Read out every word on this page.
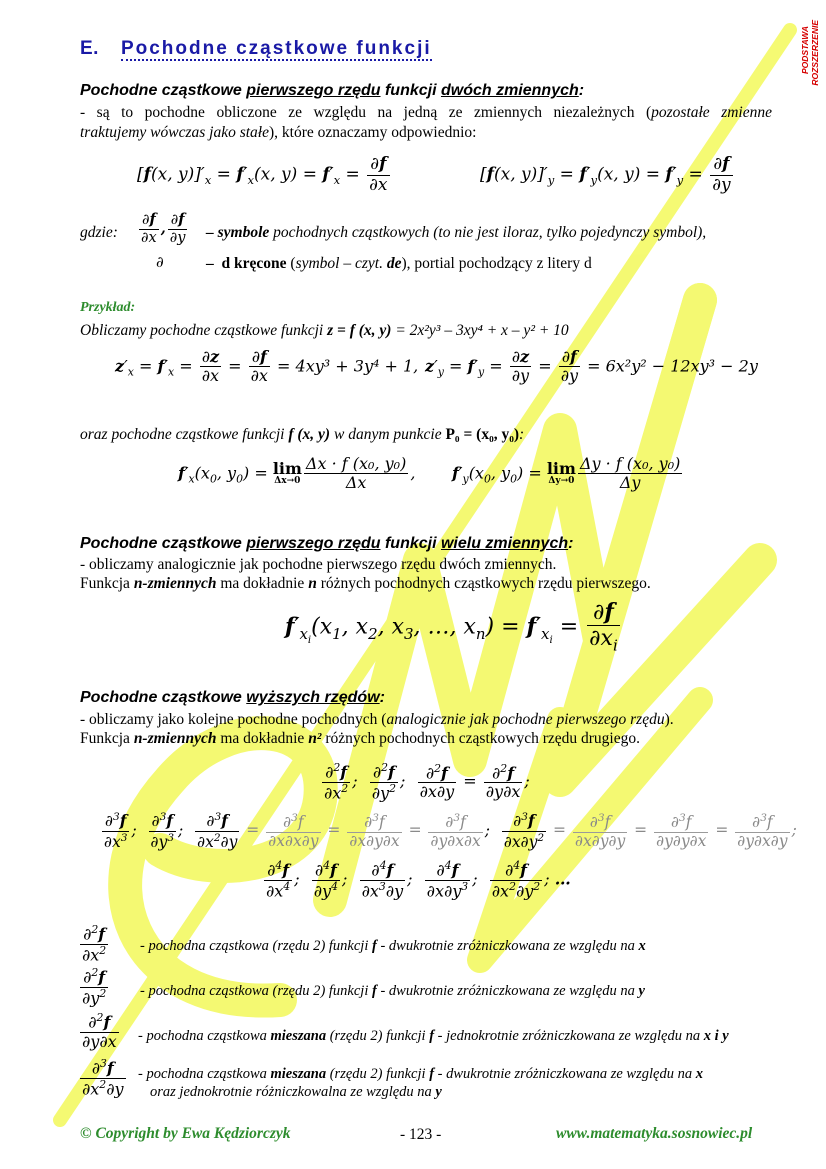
PODSTAWA ROZSZERZENIE
E. Pochodne cząstkowe funkcji
Pochodne cząstkowe pierwszego rzędu funkcji dwóch zmiennych:
- są to pochodne obliczone ze względu na jedną ze zmiennych niezależnych (pozostałe zmienne
traktujemy wówczas jako stałe), które oznaczamy odpowiednio:
[f(x, $y)]'_x = f'_x(x$, $y) = f'_x = \frac{\partial f}{\partial x}$	[f(x, $y)]'_y = f'_y(x$, $y) = f'_y = \frac{\partial f}{\partial y}$
gdzie: $\frac{\partial f}{\partial x}$ , $\frac{\partial f}{\partial y}$ – symbole pochodnych cząstkowych (to nie jest iloraz, tylko pojedynczy symbol),
∂	– d kręcone (symbol – czyt. de), portial pochodzący z litery d
Przykład:
Obliczamy pochodne cząstkowe funkcji z = f (x, y) = 2x²y³ – 3xy⁴ + x – y² + 10
$z'_x = f'_x = \frac{\partial z}{\partial x} = \frac{\partial f}{\partial x} = 4xy^3 + 3y^4 + 1$, $z'_y = f'_y = \frac{\partial z}{\partial y} = \frac{\partial f}{\partial y} = 6x^2y^2 - 12xy^3 - 2y$
oraz pochodne cząstkowe funkcji f (x, y) w danym punkcie P₀ = (x₀, y₀):
$f'_x(x_0$, $y_0) = \lim$
$\Delta x\to 0 \frac{\text{Δx · f (x₀, y₀)}}{\Delta x}$ , $f'_y(x_0$, $y_0) = \lim$
$\Delta y\to 0 \frac{\text{Δy · f (x₀, y₀)}}{\Delta y}$
Pochodne cząstkowe pierwszego rzędu funkcji wielu zmiennych:
- obliczamy analogicznie jak pochodne pierwszego rzędu dwóch zmiennych.
Funkcja n-zmiennych ma dokładnie n różnych pochodnych cząstkowych rzędu pierwszego.
$f'_{x_i}(x_1$, $x_2$, $x_3$, …, $x_n) = f'_{x_i} = \frac{\partial f}{\partial x_i}$
Pochodne cząstkowe wyższych rzędów:
- obliczamy jako kolejne pochodne pochodnych (analogicznie jak pochodne pierwszego rzędu).
Funkcja n-zmiennych ma dokładnie n² różnych pochodnych cząstkowych rzędu drugiego.
$\frac{\partial^2f}{\partial x^2}$ ; $\frac{\partial^2f}{\partial y^2}$ ; $\frac{\partial^2f}{\partial x\partial y} = \frac{\partial^2f}{\partial y\partial x}$ ;
$\frac{\partial^3f}{\partial x^3}$ ; $\frac{\partial^3f}{\partial y^3}$ ; $\frac{\partial^3f}{\partial x^2\partial y} = \frac{\partial^3f}{\partial x\partial x\partial y} = \frac{\partial^3f}{\partial x\partial y\partial x} = \frac{\partial^3f}{\partial y\partial x\partial x}$ ; $\frac{\partial^3f}{\partial x\partial y^2} = \frac{\partial^3f}{\partial x\partial y\partial y} = \frac{\partial^3f}{\partial y\partial y\partial x} = \frac{\partial^3f}{\partial y\partial x\partial y}$ ;
$\frac{\partial^4f}{\partial x^4}$ ; $\frac{\partial^4f}{\partial y^4}$ ; $\frac{\partial^4f}{\partial x^3\partial y}$ ; $\frac{\partial^4f}{\partial x\partial y^3}$ ; $\frac{\partial^4f}{\partial x^2\partial y^2}$ ; …
$\frac{\partial^2f}{\partial x^2}$ - pochodna cząstkowa (rzędu 2) funkcji f - dwukrotnie zróżniczkowana ze względu na x
$\frac{\partial^2f}{\partial y^2}$ - pochodna cząstkowa (rzędu 2) funkcji f - dwukrotnie zróżniczkowana ze względu na y
$\frac{\partial^2f}{\partial y\partial x}$ - pochodna cząstkowa mieszana (rzędu 2) funkcji f - jednokrotnie zróżniczkowana ze względu na x i y
$\frac{\partial^3f}{\partial x^2\partial y}$ - pochodna cząstkowa mieszana (rzędu 2) funkcji f - dwukrotnie zróżniczkowana ze względu na x
oraz jednokrotnie różniczkowalna ze względu na y
© Copyright by Ewa Kędziorczyk	- 123 -	www.matematyka.sosnowiec.pl
